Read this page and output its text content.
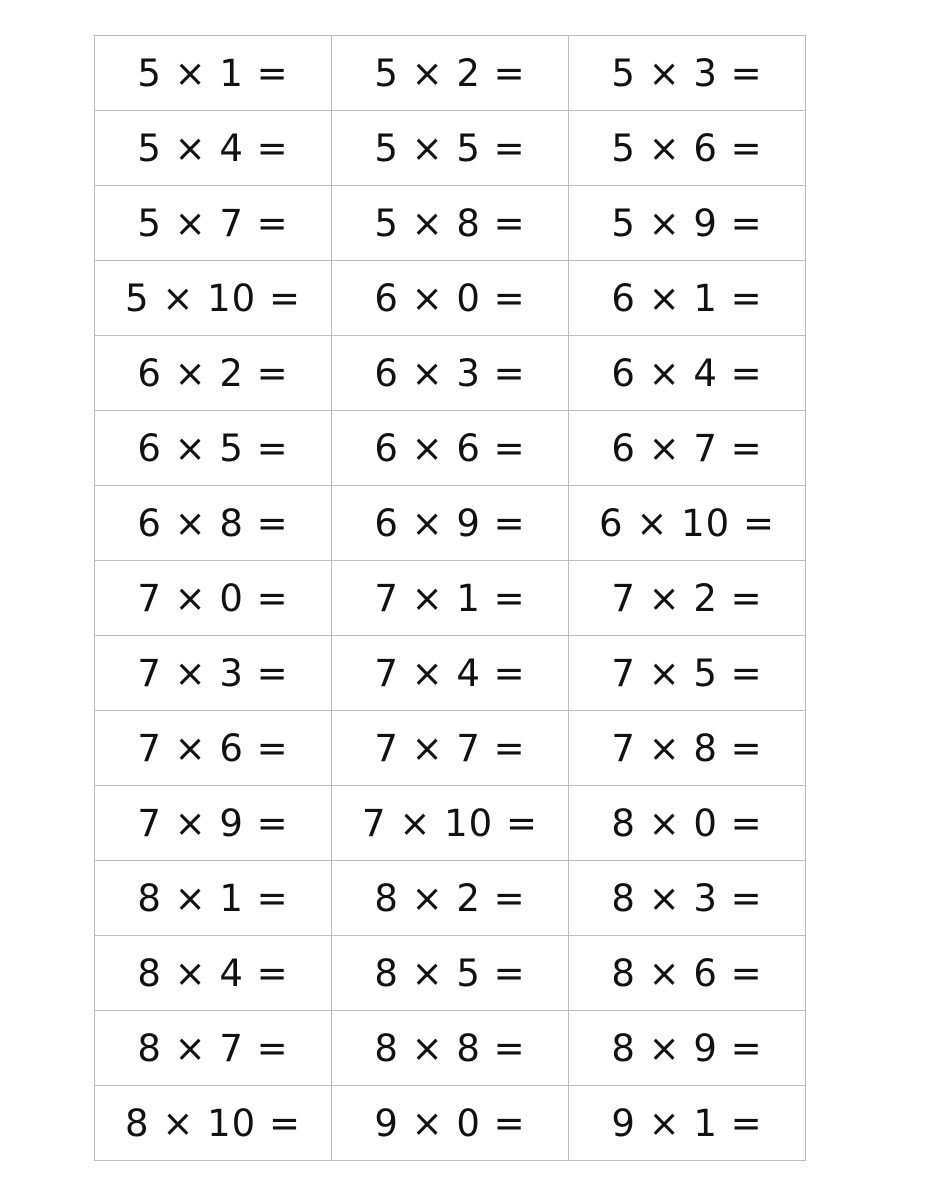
5 × 1 =	5 × 2 =	5 × 3 =
5 × 4 =	5 × 5 =	5 × 6 =
5 × 7 =	5 × 8 =	5 × 9 =
5 × 10 =	6 × 0 =	6 × 1 =
6 × 2 =	6 × 3 =	6 × 4 =
6 × 5 =	6 × 6 =	6 × 7 =
6 × 8 =	6 × 9 =	6 × 10 =
7 × 0 =	7 × 1 =	7 × 2 =
7 × 3 =	7 × 4 =	7 × 5 =
7 × 6 =	7 × 7 =	7 × 8 =
7 × 9 =	7 × 10 =	8 × 0 =
8 × 1 =	8 × 2 =	8 × 3 =
8 × 4 =	8 × 5 =	8 × 6 =
8 × 7 =	8 × 8 =	8 × 9 =
8 × 10 =	9 × 0 =	9 × 1 =
